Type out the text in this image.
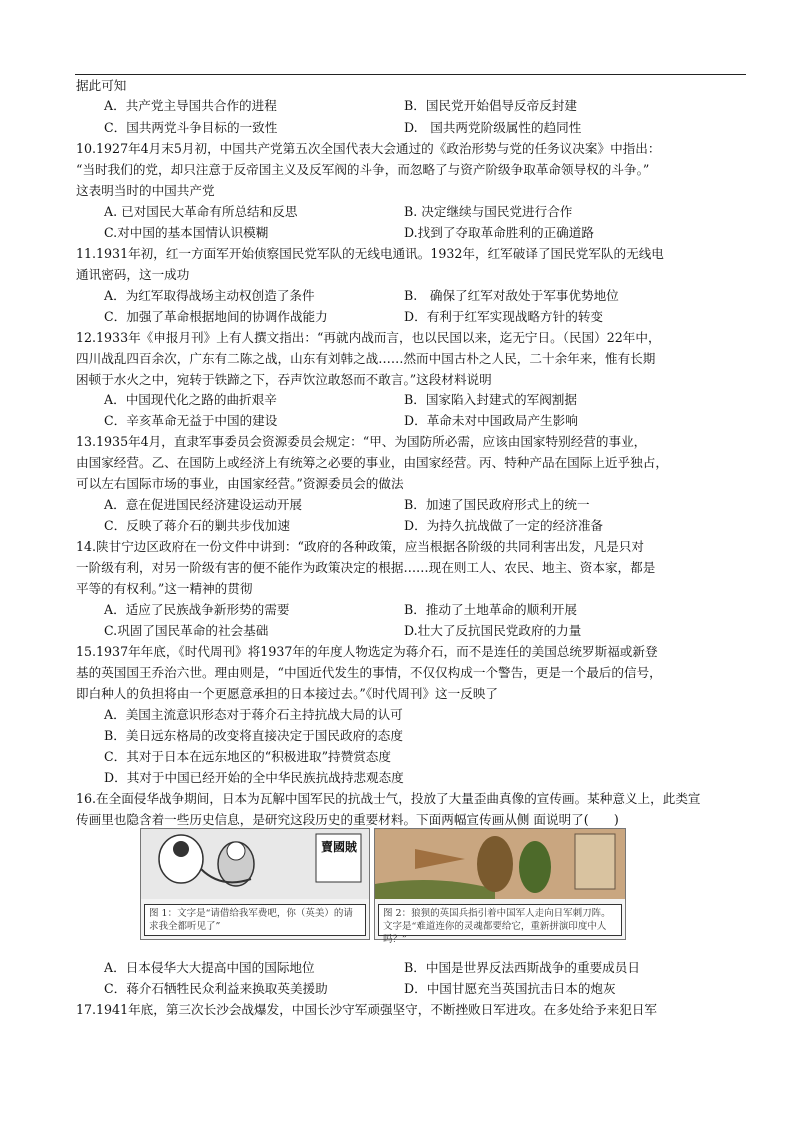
据此可知
A．共产党主导国共合作的进程	B．国民党开始倡导反帝反封建
C．国共两党斗争目标的一致性	D.　国共两党阶级属性的趋同性
10.1927年4月末5月初，中国共产党第五次全国代表大会通过的《政治形势与党的任务议决案》中指出：
“当时我们的党，却只注意于反帝国主义及反军阀的斗争，而忽略了与资产阶级争取革命领导权的斗争。”
这表明当时的中国共产党
A. 已对国民大革命有所总结和反思	B. 决定继续与国民党进行合作
C.对中国的基本国情认识模糊	D.找到了夺取革命胜利的正确道路
11.1931年初，红一方面军开始侦察国民党军队的无线电通讯。1932年，红军破译了国民党军队的无线电
通讯密码，这一成功
A．为红军取得战场主动权创造了条件	B.　确保了红军对敌处于军事优势地位
C．加强了革命根据地间的协调作战能力	D．有利于红军实现战略方针的转变
12.1933年《申报月刊》上有人撰文指出：“再就内战而言，也以民国以来，迄无宁日。（民国）22年中，
四川战乱四百余次，广东有二陈之战，山东有刘韩之战……然而中国古朴之人民，二十余年来，惟有长期
困顿于水火之中，宛转于铁蹄之下，吞声饮泣敢怒而不敢言。”这段材料说明
A．中国现代化之路的曲折艰辛	B．国家陷入封建式的军阀割据
C．辛亥革命无益于中国的建设	D．革命未对中国政局产生影响
13.1935年4月，直隶军事委员会资源委员会规定：“甲、为国防所必需，应该由国家特别经营的事业，
由国家经营。乙、在国防上或经济上有统筹之必要的事业，由国家经营。丙、特种产品在国际上近乎独占，
可以左右国际市场的事业，由国家经营。”资源委员会的做法
A．意在促进国民经济建设运动开展	B．加速了国民政府形式上的统一
C．反映了蒋介石的剿共步伐加速	D．为持久抗战做了一定的经济准备
14.陕甘宁边区政府在一份文件中讲到：“政府的各种政策，应当根据各阶级的共同利害出发，凡是只对
一阶级有利，对另一阶级有害的便不能作为政策决定的根据……现在则工人、农民、地主、资本家，都是
平等的有权利。”这一精神的贯彻
A．适应了民族战争新形势的需要	B．推动了土地革命的顺利开展
C.巩固了国民革命的社会基础	D.壮大了反抗国民党政府的力量
15.1937年年底，《时代周刊》将1937年的年度人物选定为蒋介石，而不是连任的美国总统罗斯福或新登
基的英国国王乔治六世。理由则是，“中国近代发生的事情，不仅仅构成一个警告，更是一个最后的信号，
即白种人的负担将由一个更愿意承担的日本接过去。”《时代周刊》这一反映了
A．美国主流意识形态对于蒋介石主持抗战大局的认可
B．美日远东格局的改变将直接决定于国民政府的态度
C．其对于日本在远东地区的“积极进取”持赞赏态度
D．其对于中国已经开始的全中华民族抗战持悲观态度
16.在全面侵华战争期间，日本为瓦解中国军民的抗战士气，投放了大量歪曲真像的宣传画。某种意义上，此类宣
传画里也隐含着一些历史信息，是研究这段历史的重要材料。下面两幅宣传画从侧 面说明了(　　)
A．日本侵华大大提高中国的国际地位	B．中国是世界反法西斯战争的重要成员日
C．蒋介石牺牲民众利益来换取英美援助	D．中国甘愿充当英国抗击日本的炮灰
17.1941年底，第三次长沙会战爆发，中国长沙守军顽强坚守，不断挫败日军进攻。在多处给予来犯日军
賣國賊
图 1：文字是“请借给我军费吧，你（英美）的请求我全都听见了”
图 2：狼狈的英国兵指引着中国军人走向日军刺刀阵。文字是“难道连你的灵魂都要给它，重新拼演印度中人吗？”
